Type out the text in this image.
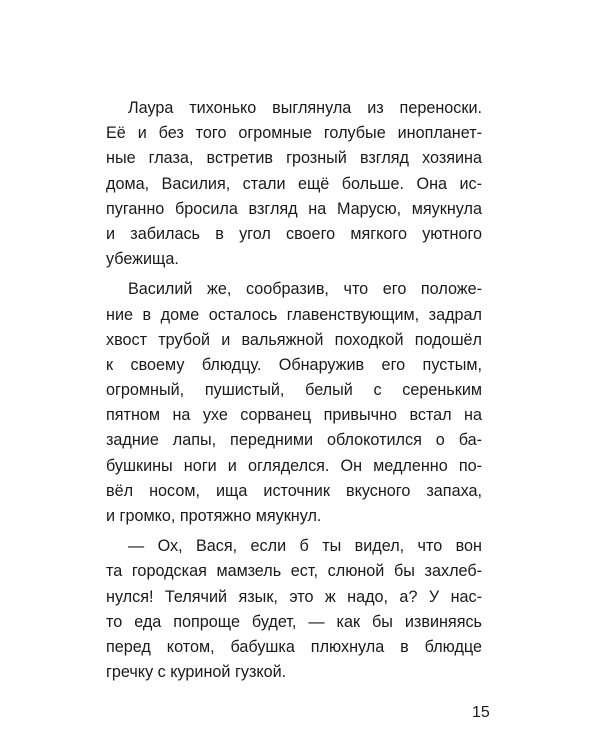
Лаура тихонько выглянула из переноски.
Её и без того огромные голубые инопланет-
ные глаза, встретив грозный взгляд хозяина
дома, Василия, стали ещё больше. Она ис-
пуганно бросила взгляд на Марусю, мяукнула
и забилась в угол своего мягкого уютного
убежища.
Василий же, сообразив, что его положе-
ние в доме осталось главенствующим, задрал
хвост трубой и вальяжной походкой подошёл
к своему блюдцу. Обнаружив его пустым,
огромный, пушистый, белый с сереньким
пятном на ухе сорванец привычно встал на
задние лапы, передними облокотился о ба-
бушкины ноги и огляделся. Он медленно по-
вёл носом, ища источник вкусного запаха,
и громко, протяжно мяукнул.
— Ох, Вася, если б ты видел, что вон
та городская мамзель ест, слюной бы захлеб-
нулся! Телячий язык, это ж надо, а? У нас-
то еда попроще будет, — как бы извиняясь
перед котом, бабушка плюхнула в блюдце
гречку с куриной гузкой.
15
